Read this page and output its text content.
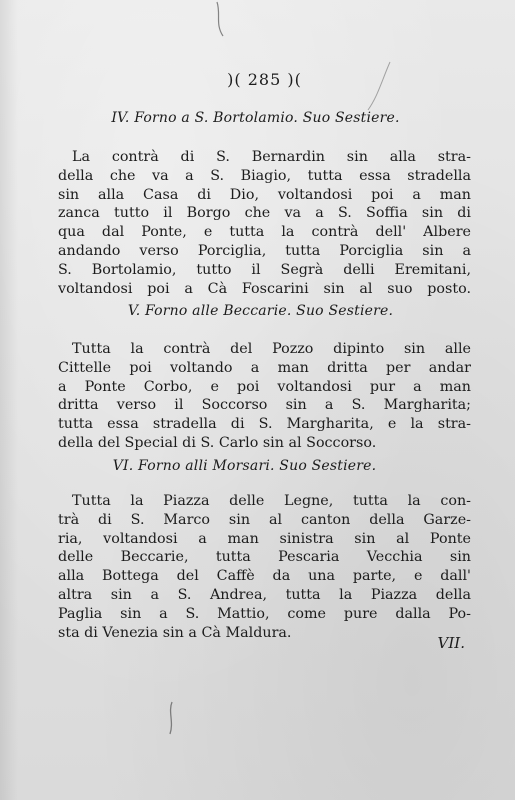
)( 285 )(
IV. Forno a S. Bortolamio. Suo Sestiere.
La contrà di S. Bernardin sin alla stra-
della che va a S. Biagio, tutta essa stradella
sin alla Casa di Dio, voltandosi poi a man
zanca tutto il Borgo che va a S. Soffia sin di
qua dal Ponte, e tutta la contrà dell' Albere
andando verso Porciglia, tutta Porciglia sin a
S. Bortolamio, tutto il Segrà delli Eremitani,
voltandosi poi a Cà Foscarini sin al suo posto.
V. Forno alle Beccarie. Suo Sestiere.
Tutta la contrà del Pozzo dipinto sin alle
Cittelle poi voltando a man dritta per andar
a Ponte Corbo, e poi voltandosi pur a man
dritta verso il Soccorso sin a S. Margharita;
tutta essa stradella di S. Margharita, e la stra-
della del Special di S. Carlo sin al Soccorso.
VI. Forno alli Morsari. Suo Sestiere.
Tutta la Piazza delle Legne, tutta la con-
trà di S. Marco sin al canton della Garze-
ria, voltandosi a man sinistra sin al Ponte
delle Beccarie, tutta Pescaria Vecchia sin
alla Bottega del Caffè da una parte, e dall'
altra sin a S. Andrea, tutta la Piazza della
Paglia sin a S. Mattio, come pure dalla Po-
sta di Venezia sin a Cà Maldura.
VII.
